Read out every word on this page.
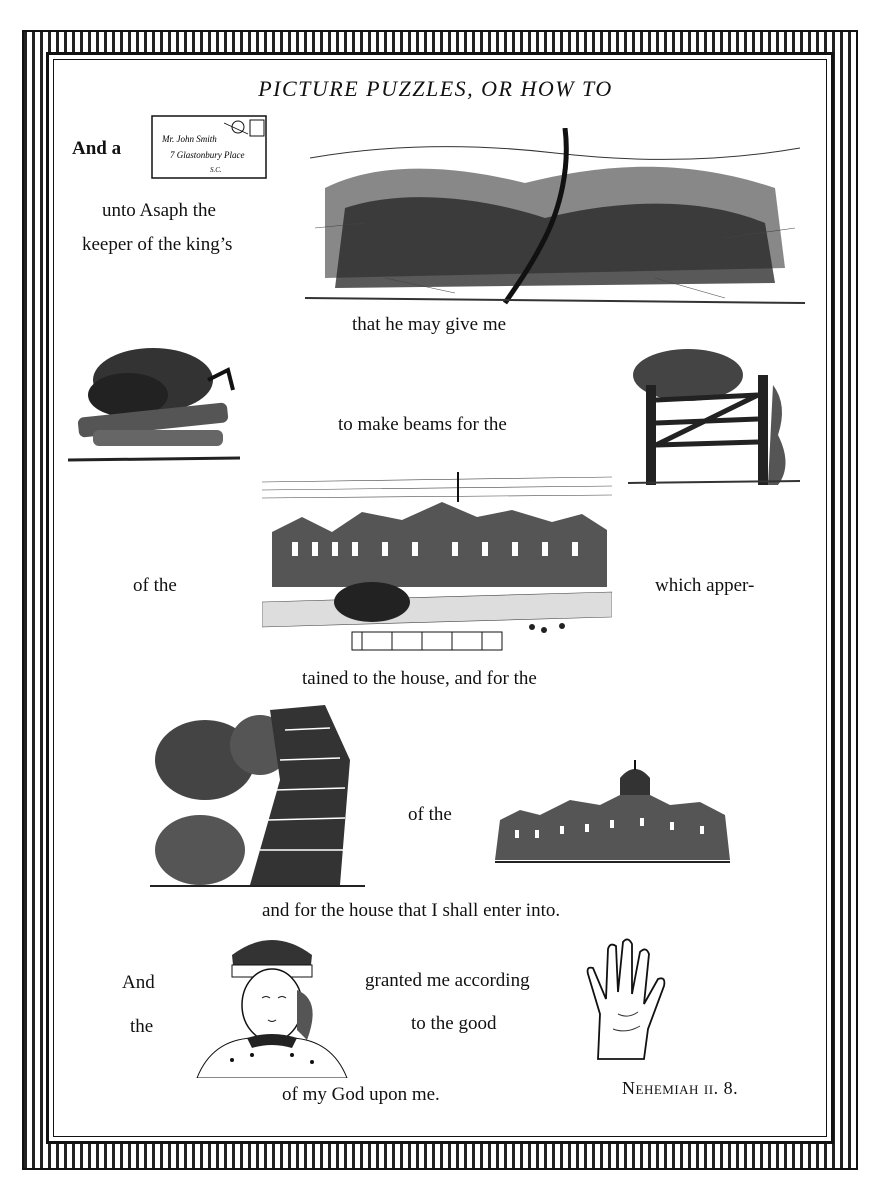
PICTURE PUZZLES, OR HOW TO
And a	Mr. John Smith
7 Glastonbury Place
S.C.
unto Asaph the
keeper of the king’s
that he may give me
to make beams for the
of the	which apper-
tained to the house, and for the
of the
and for the house that I shall enter into.
And
the
granted me according
to the good
of my God upon me.	Nehemiah ii. 8.
